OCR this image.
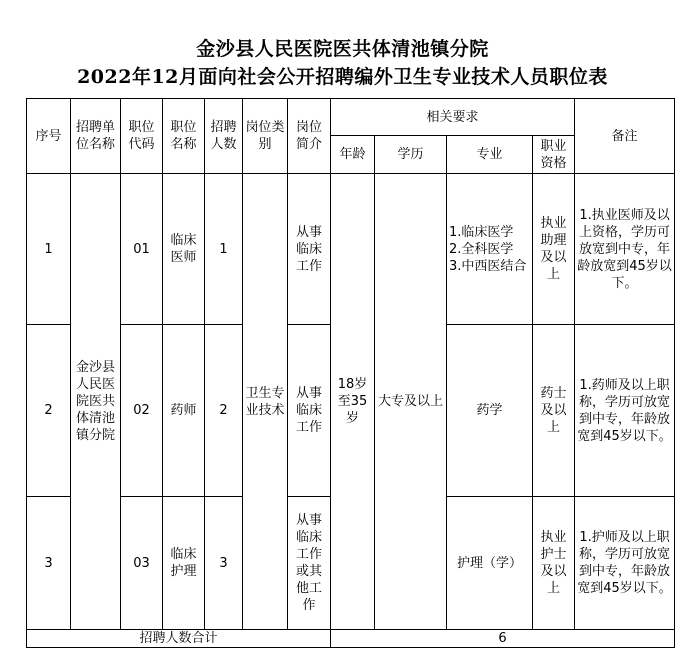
金沙县人民医院医共体清池镇分院
2022年12月面向社会公开招聘编外卫生专业技术人员职位表
序号	招聘单位名称	职位代码	职位名称	招聘人数	岗位类别	岗位简介	相关要求				备注
							年龄	学历	专业	职业资格	
1	金沙县人民医院医共体清池镇分院	01	临床医师	1	卫生专业技术	从事临床工作	18岁至35岁	大专及以上	1.临床医学
2.全科医学
3.中西医结合	执业助理及以上	1.执业医师及以上资格，学历可放宽到中专，年龄放宽到45岁以下。
2		02	药师	2		从事临床工作			药学	药士及以上	1.药师及以上职称，学历可放宽到中专，年龄放宽到45岁以下。
3		03	临床护理	3		从事临床工作或其他工作			护理（学）	执业护士及以上	1.护师及以上职称，学历可放宽到中专，年龄放宽到45岁以下。
招聘人数合计							6				
